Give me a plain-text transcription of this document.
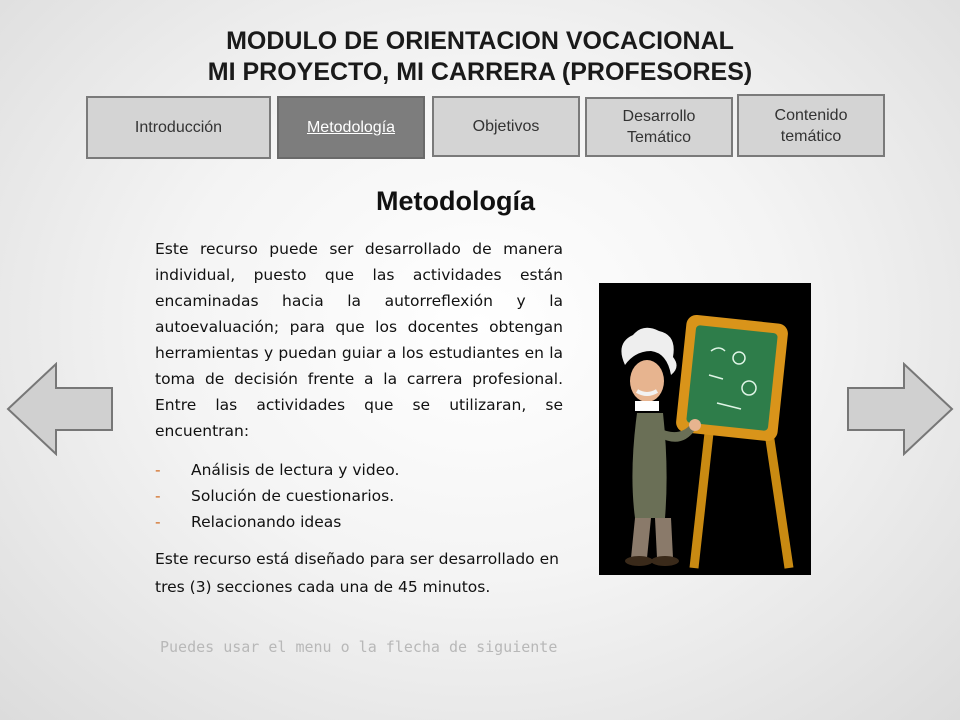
MODULO DE ORIENTACION VOCACIONAL
MI PROYECTO, MI CARRERA (PROFESORES)
Introducción	Metodología	Objetivos
Desarrollo
Temático
Contenido
temático
Metodología
Este recurso puede ser desarrollado de manera individual, puesto que las actividades están encaminadas hacia la autorreflexión y la autoevaluación; para que los docentes obtengan herramientas y puedan guiar a los estudiantes en la toma de decisión frente a la carrera profesional. Entre las actividades que se utilizaran, se encuentran:
-	Análisis de lectura y video.
-	Solución de cuestionarios.
-	Relacionando ideas
Este recurso está diseñado para ser desarrollado en tres (3) secciones cada una de 45 minutos.
Puedes usar el menu o la flecha de siguiente
